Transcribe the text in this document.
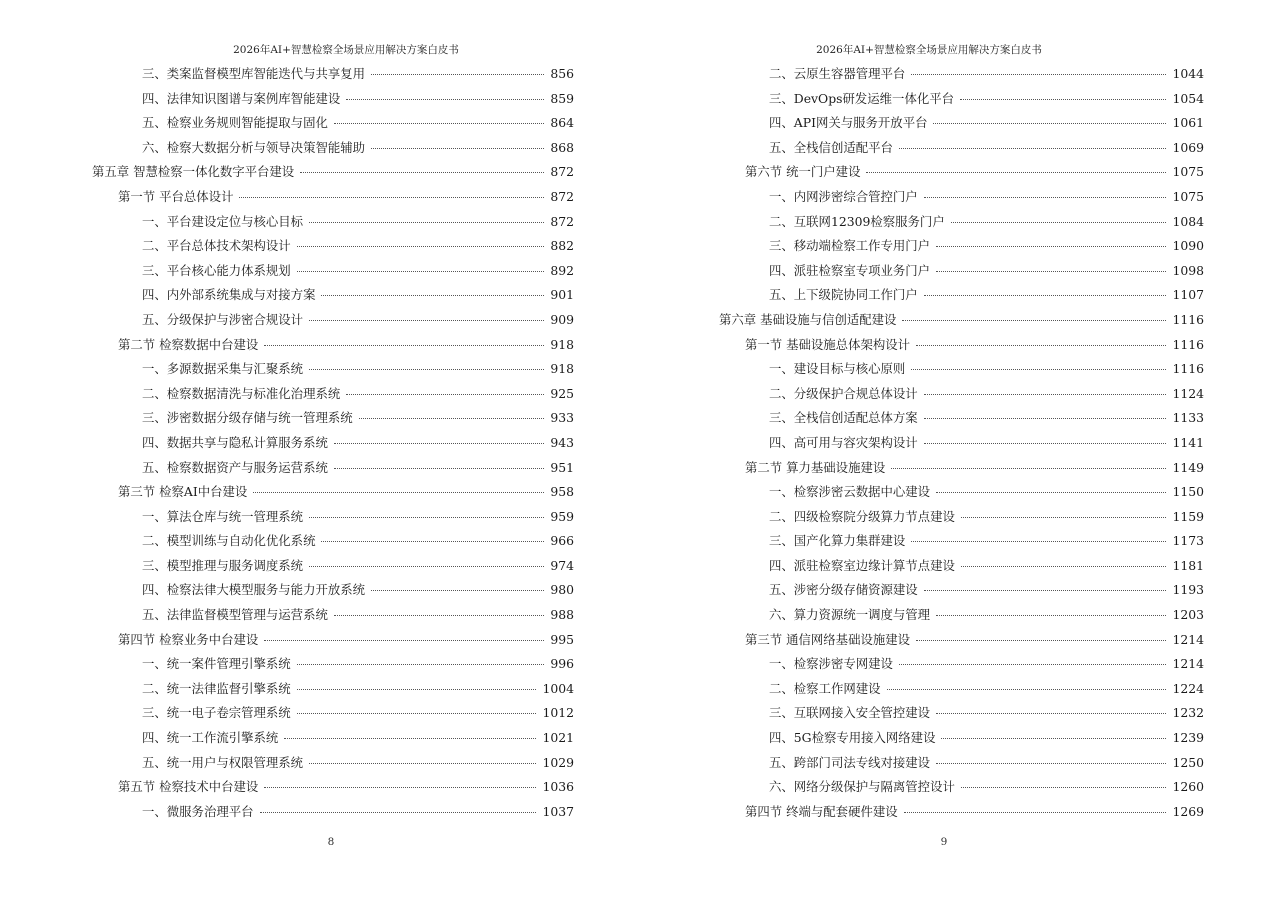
2026年AI+智慧检察全场景应用解决方案白皮书
三、类案监督模型库智能迭代与共享复用	856
四、法律知识图谱与案例库智能建设	859
五、检察业务规则智能提取与固化	864
六、检察大数据分析与领导决策智能辅助	868
第五章 智慧检察一体化数字平台建设	872
第一节 平台总体设计	872
一、平台建设定位与核心目标	872
二、平台总体技术架构设计	882
三、平台核心能力体系规划	892
四、内外部系统集成与对接方案	901
五、分级保护与涉密合规设计	909
第二节 检察数据中台建设	918
一、多源数据采集与汇聚系统	918
二、检察数据清洗与标准化治理系统	925
三、涉密数据分级存储与统一管理系统	933
四、数据共享与隐私计算服务系统	943
五、检察数据资产与服务运营系统	951
第三节 检察AI中台建设	958
一、算法仓库与统一管理系统	959
二、模型训练与自动化优化系统	966
三、模型推理与服务调度系统	974
四、检察法律大模型服务与能力开放系统	980
五、法律监督模型管理与运营系统	988
第四节 检察业务中台建设	995
一、统一案件管理引擎系统	996
二、统一法律监督引擎系统	1004
三、统一电子卷宗管理系统	1012
四、统一工作流引擎系统	1021
五、统一用户与权限管理系统	1029
第五节 检察技术中台建设	1036
一、微服务治理平台	1037
8
2026年AI+智慧检察全场景应用解决方案白皮书
二、云原生容器管理平台	1044
三、DevOps研发运维一体化平台	1054
四、API网关与服务开放平台	1061
五、全栈信创适配平台	1069
第六节 统一门户建设	1075
一、内网涉密综合管控门户	1075
二、互联网12309检察服务门户	1084
三、移动端检察工作专用门户	1090
四、派驻检察室专项业务门户	1098
五、上下级院协同工作门户	1107
第六章 基础设施与信创适配建设	1116
第一节 基础设施总体架构设计	1116
一、建设目标与核心原则	1116
二、分级保护合规总体设计	1124
三、全栈信创适配总体方案	1133
四、高可用与容灾架构设计	1141
第二节 算力基础设施建设	1149
一、检察涉密云数据中心建设	1150
二、四级检察院分级算力节点建设	1159
三、国产化算力集群建设	1173
四、派驻检察室边缘计算节点建设	1181
五、涉密分级存储资源建设	1193
六、算力资源统一调度与管理	1203
第三节 通信网络基础设施建设	1214
一、检察涉密专网建设	1214
二、检察工作网建设	1224
三、互联网接入安全管控建设	1232
四、5G检察专用接入网络建设	1239
五、跨部门司法专线对接建设	1250
六、网络分级保护与隔离管控设计	1260
第四节 终端与配套硬件建设	1269
9
